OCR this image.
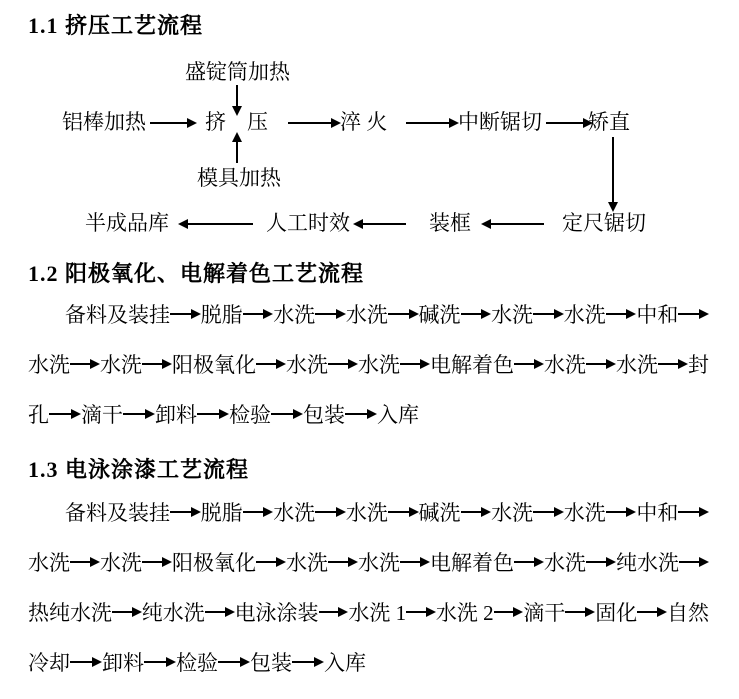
1.1 挤压工艺流程
盛锭筒加热
铝棒加热	挤　压	淬 火	中断锯切 矫直
模具加热
半成品库	人工时效	装框	定尺锯切
1.2 阳极氧化、电解着色工艺流程
备料及装挂 脱脂 水洗 水洗 碱洗 水洗 水洗 中和
水洗 水洗 阳极氧化 水洗 水洗 电解着色 水洗 水洗 封
孔 滴干 卸料 检验 包装 入库
1.3 电泳涂漆工艺流程
备料及装挂 脱脂 水洗 水洗 碱洗 水洗 水洗 中和
水洗 水洗 阳极氧化 水洗 水洗 电解着色 水洗 纯水洗
热纯水洗 纯水洗 电泳涂装 水洗 1 水洗 2 滴干 固化 自然
冷却 卸料 检验 包装 入库
